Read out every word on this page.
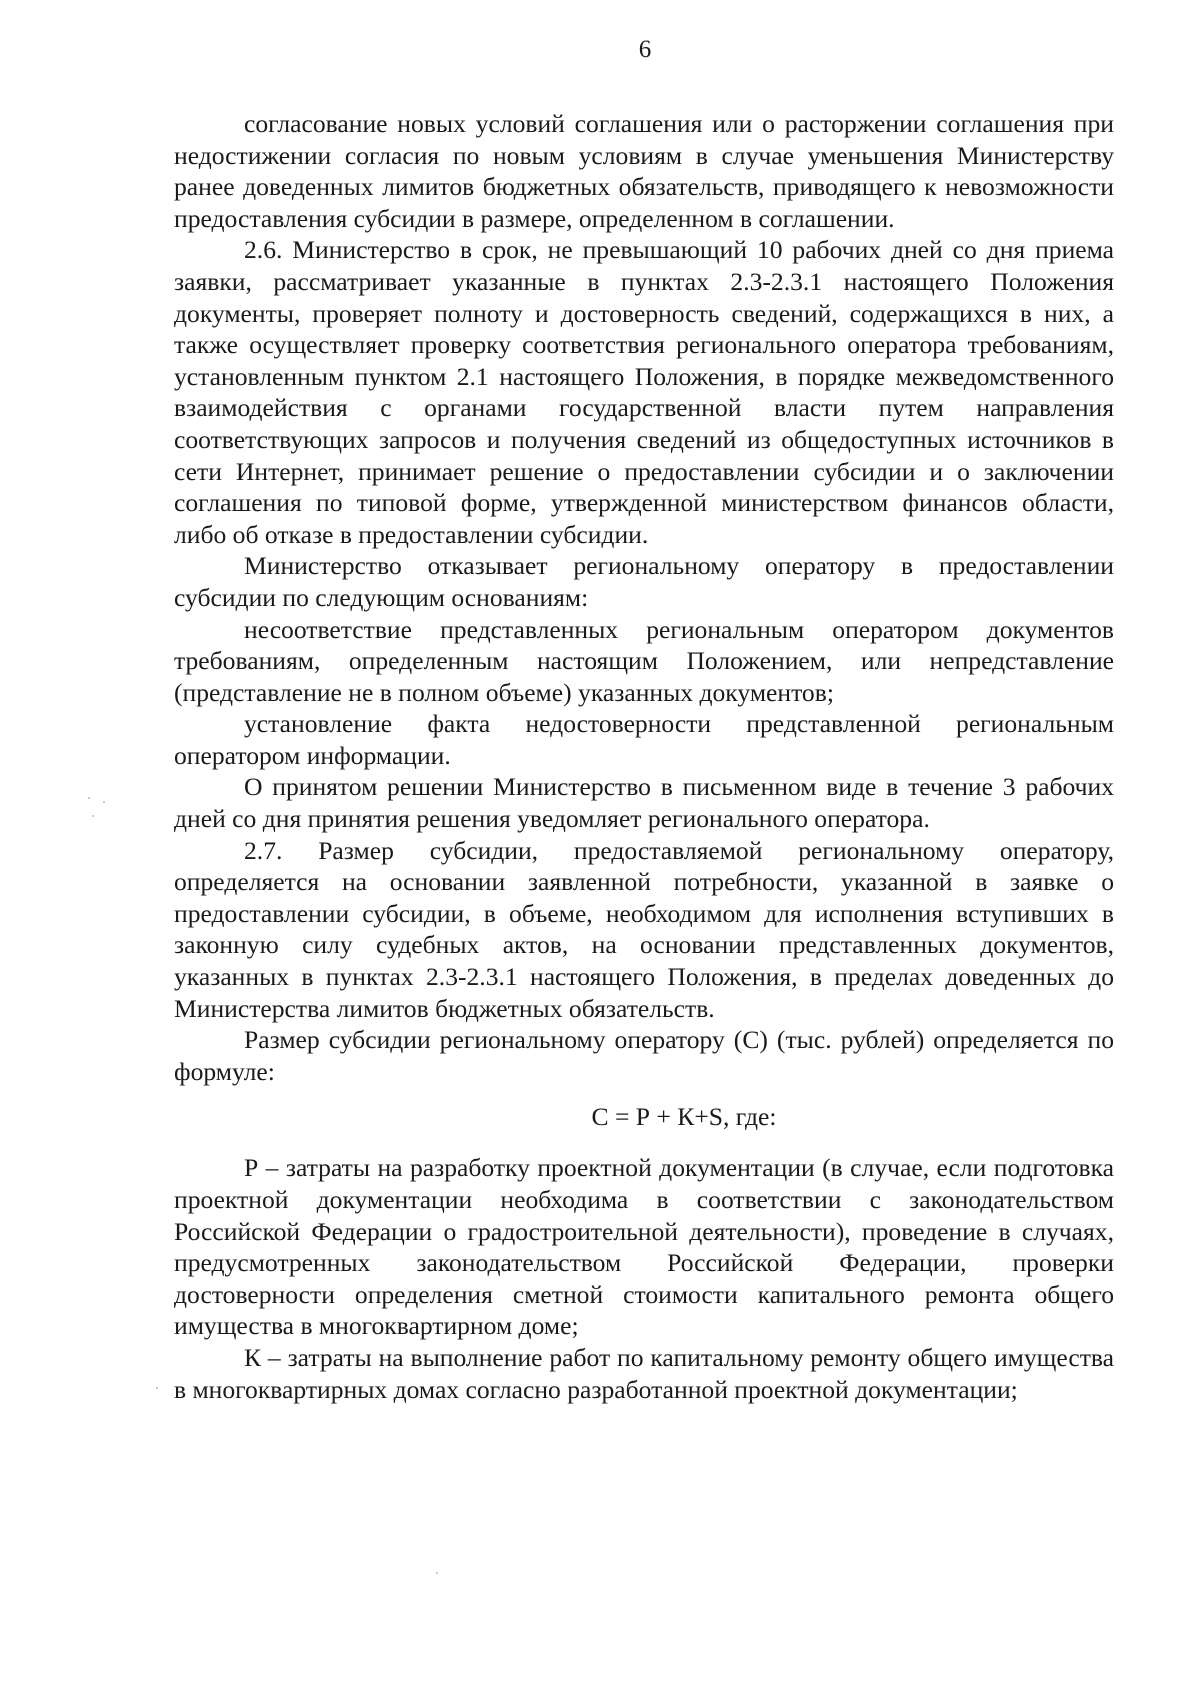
6

согласование новых условий соглашения или о расторжении соглашения при недостижении согласия по новым условиям в случае уменьшения Министерству ранее доведенных лимитов бюджетных обязательств, приводящего к невозможности предоставления субсидии в размере, определенном в соглашении.

2.6. Министерство в срок, не превышающий 10 рабочих дней со дня приема заявки, рассматривает указанные в пунктах 2.3-2.3.1 настоящего Положения документы, проверяет полноту и достоверность сведений, содержащихся в них, а также осуществляет проверку соответствия регионального оператора требованиям, установленным пунктом 2.1 настоящего Положения, в порядке межведомственного взаимодействия с органами государственной власти путем направления соответствующих запросов и получения сведений из общедоступных источников в сети Интернет, принимает решение о предоставлении субсидии и о заключении соглашения по типовой форме, утвержденной министерством финансов области, либо об отказе в предоставлении субсидии.

Министерство отказывает региональному оператору в предоставлении субсидии по следующим основаниям:

несоответствие представленных региональным оператором документов требованиям, определенным настоящим Положением, или непредставление (представление не в полном объеме) указанных документов;

установление факта недостоверности представленной региональным оператором информации.

О принятом решении Министерство в письменном виде в течение 3 рабочих дней со дня принятия решения уведомляет регионального оператора.

2.7. Размер субсидии, предоставляемой региональному оператору, определяется на основании заявленной потребности, указанной в заявке о предоставлении субсидии, в объеме, необходимом для исполнения вступивших в законную силу судебных актов, на основании представленных документов, указанных в пунктах 2.3-2.3.1 настоящего Положения, в пределах доведенных до Министерства лимитов бюджетных обязательств.

Размер субсидии региональному оператору (С) (тыс. рублей) определяется по формуле:

С = Р + К+S, где:

Р – затраты на разработку проектной документации (в случае, если подготовка проектной документации необходима в соответствии с законодательством Российской Федерации о градостроительной деятельности), проведение в случаях, предусмотренных законодательством Российской Федерации, проверки достоверности определения сметной стоимости капитального ремонта общего имущества в многоквартирном доме;

К – затраты на выполнение работ по капитальному ремонту общего имущества в многоквартирных домах согласно разработанной проектной документации;
